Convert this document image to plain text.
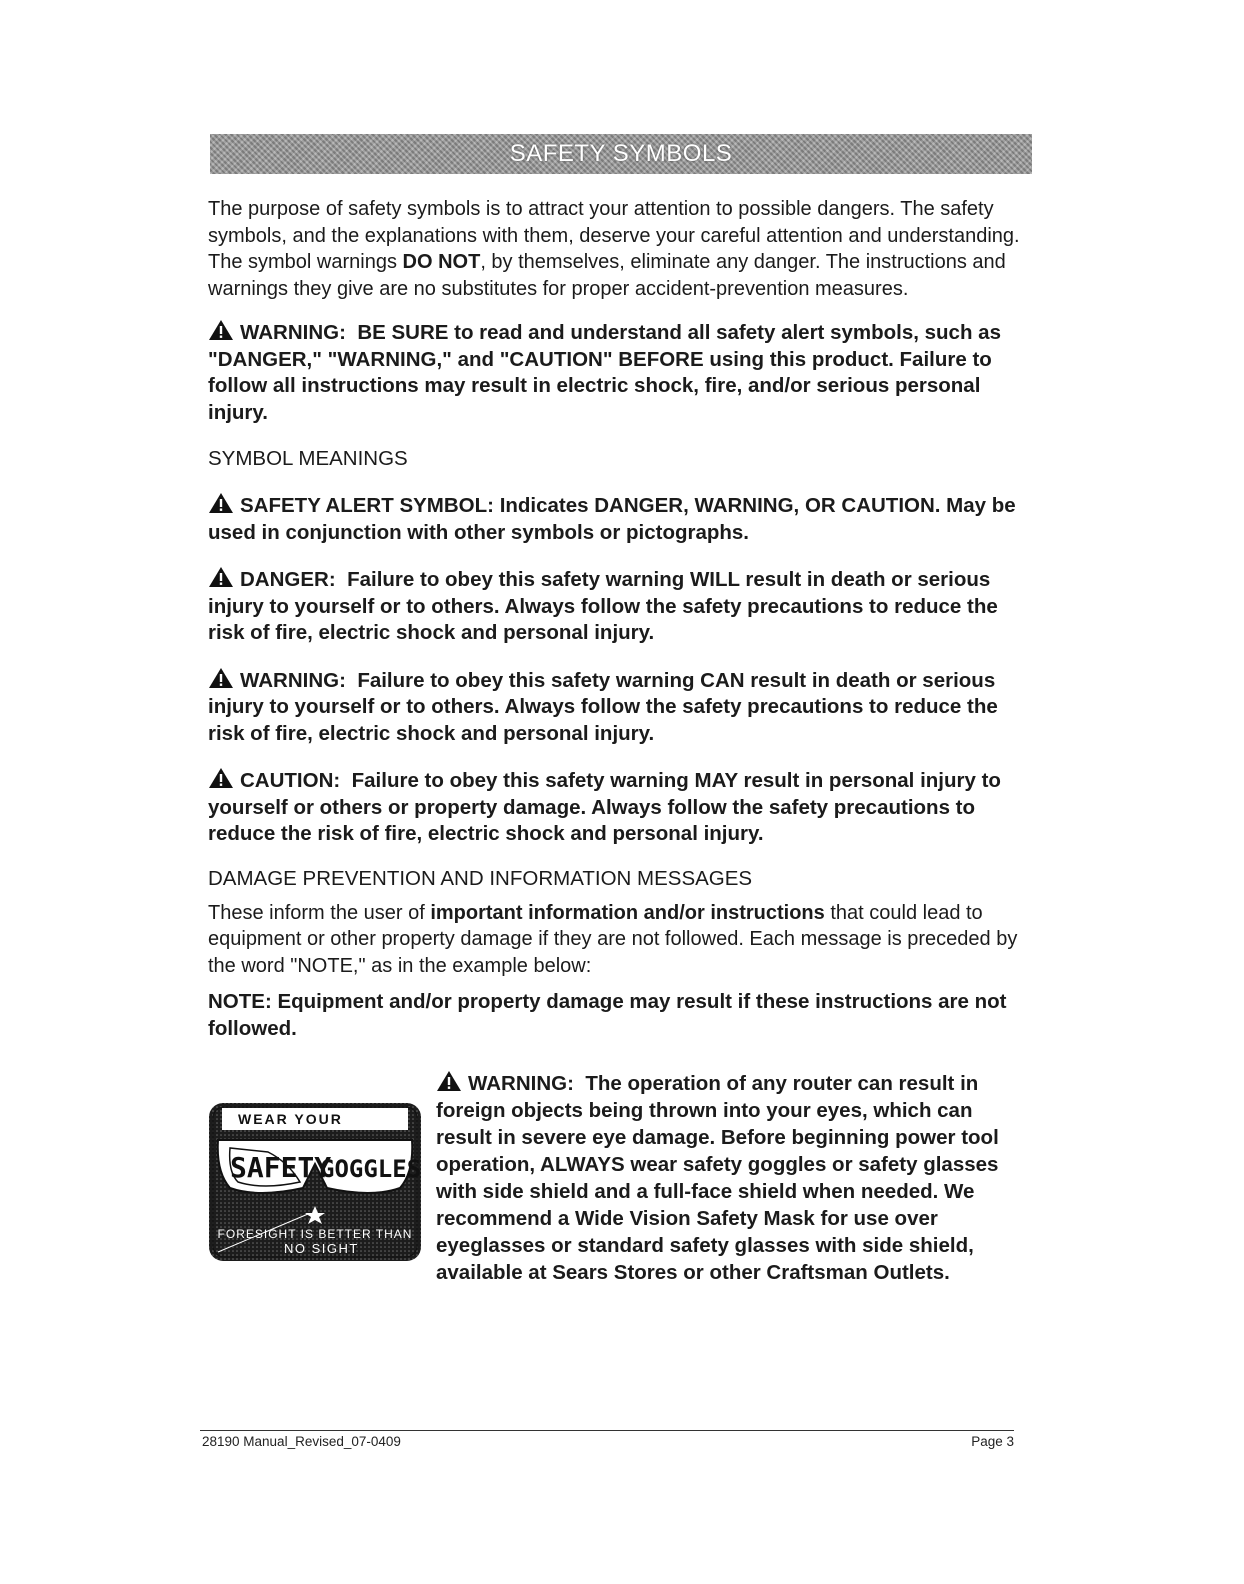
SAFETY SYMBOLS

The purpose of safety symbols is to attract your attention to possible dangers. The safety symbols, and the explanations with them, deserve your careful attention and understanding. The symbol warnings DO NOT, by themselves, eliminate any danger. The instructions and warnings they give are no substitutes for proper accident-prevention measures.

WARNING: BE SURE to read and understand all safety alert symbols, such as "DANGER," "WARNING," and "CAUTION" BEFORE using this product. Failure to follow all instructions may result in electric shock, fire, and/or serious personal injury.

SYMBOL MEANINGS

SAFETY ALERT SYMBOL: Indicates DANGER, WARNING, OR CAUTION. May be used in conjunction with other symbols or pictographs.

DANGER: Failure to obey this safety warning WILL result in death or serious injury to yourself or to others. Always follow the safety precautions to reduce the risk of fire, electric shock and personal injury.

WARNING: Failure to obey this safety warning CAN result in death or serious injury to yourself or to others. Always follow the safety precautions to reduce the risk of fire, electric shock and personal injury.

CAUTION: Failure to obey this safety warning MAY result in personal injury to yourself or others or property damage. Always follow the safety precautions to reduce the risk of fire, electric shock and personal injury.

DAMAGE PREVENTION AND INFORMATION MESSAGES

These inform the user of important information and/or instructions that could lead to equipment or other property damage if they are not followed. Each message is preceded by the word "NOTE," as in the example below:

NOTE: Equipment and/or property damage may result if these instructions are not followed.

WEAR YOUR
SAFETY
GOGGLES
FORESIGHT IS BETTER THAN
NO SIGHT
WARNING: The operation of any router can result in foreign objects being thrown into your eyes, which can result in severe eye damage. Before beginning power tool operation, ALWAYS wear safety goggles or safety glasses with side shield and a full-face shield when needed. We recommend a Wide Vision Safety Mask for use over eyeglasses or standard safety glasses with side shield, available at Sears Stores or other Craftsman Outlets.
28190 Manual_Revised_07-0409	Page 3
